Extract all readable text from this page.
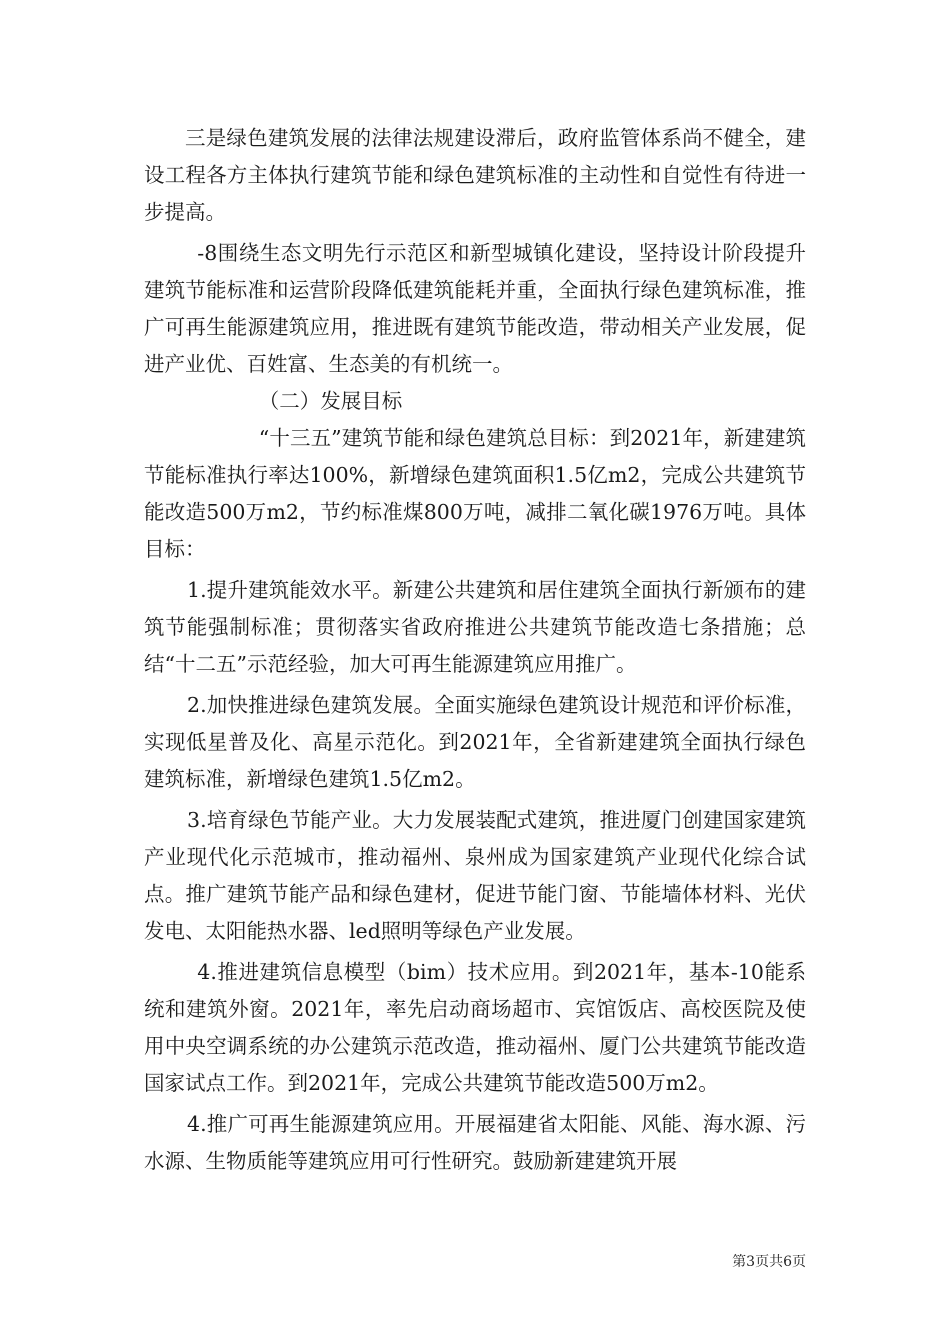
三是绿色建筑发展的法律法规建设滞后，政府监管体系尚不健全，建设工程各方主体执行建筑节能和绿色建筑标准的主动性和自觉性有待进一步提高。

-8围绕生态文明先行示范区和新型城镇化建设，坚持设计阶段提升建筑节能标准和运营阶段降低建筑能耗并重，全面执行绿色建筑标准，推广可再生能源建筑应用，推进既有建筑节能改造，带动相关产业发展，促进产业优、百姓富、生态美的有机统一。

（二）发展目标

“十三五”建筑节能和绿色建筑总目标：到2021年，新建建筑节能标准执行率达100%，新增绿色建筑面积1.5亿m2，完成公共建筑节能改造500万m2，节约标准煤800万吨，减排二氧化碳1976万吨。具体目标：

1.提升建筑能效水平。新建公共建筑和居住建筑全面执行新颁布的建筑节能强制标准；贯彻落实省政府推进公共建筑节能改造七条措施；总结“十二五”示范经验，加大可再生能源建筑应用推广。

2.加快推进绿色建筑发展。全面实施绿色建筑设计规范和评价标准，实现低星普及化、高星示范化。到2021年，全省新建建筑全面执行绿色建筑标准，新增绿色建筑1.5亿m2。

3.培育绿色节能产业。大力发展装配式建筑，推进厦门创建国家建筑产业现代化示范城市，推动福州、泉州成为国家建筑产业现代化综合试点。推广建筑节能产品和绿色建材，促进节能门窗、节能墙体材料、光伏发电、太阳能热水器、led照明等绿色产业发展。

4.推进建筑信息模型（bim）技术应用。到2021年，基本-10能系统和建筑外窗。2021年，率先启动商场超市、宾馆饭店、高校医院及使用中央空调系统的办公建筑示范改造，推动福州、厦门公共建筑节能改造国家试点工作。到2021年，完成公共建筑节能改造500万m2。

4.推广可再生能源建筑应用。开展福建省太阳能、风能、海水源、污水源、生物质能等建筑应用可行性研究。鼓励新建建筑开展

第3页共6页
